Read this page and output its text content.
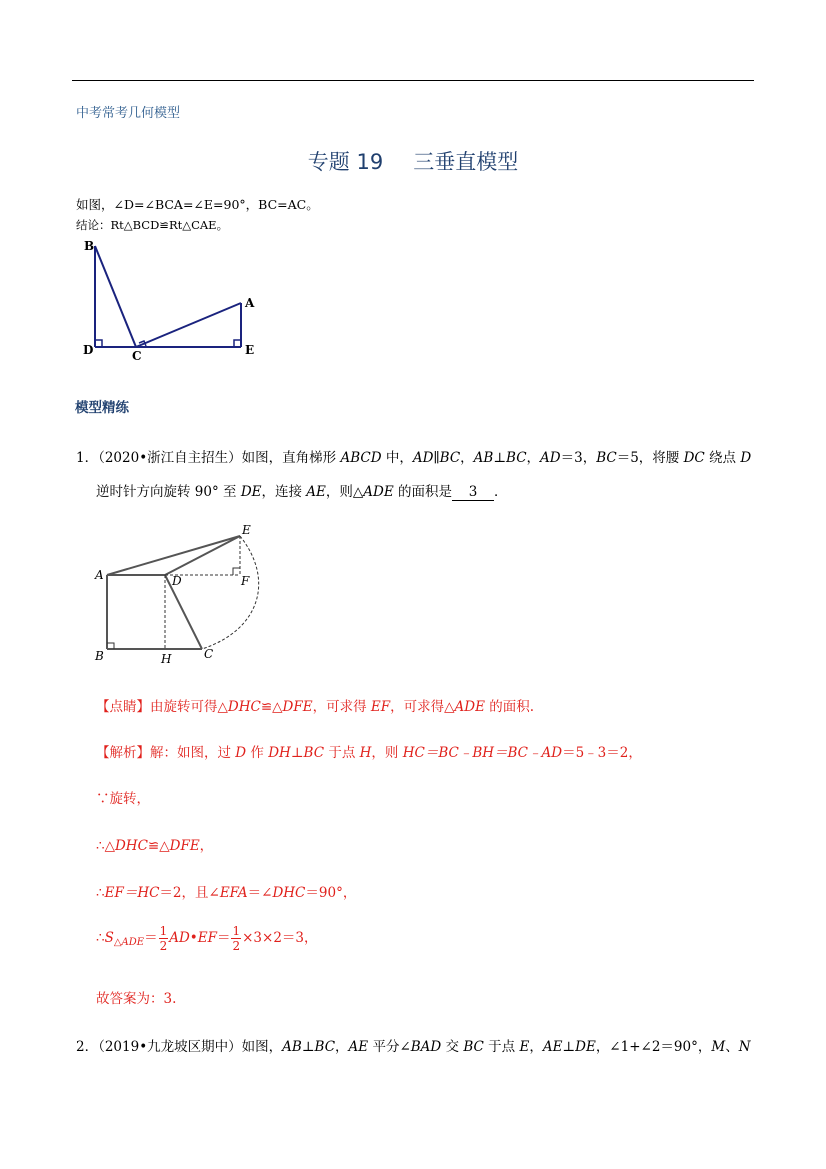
中考常考几何模型
专题 19 三垂直模型
如图，∠D=∠BCA=∠E=90°，BC=AC。
结论：Rt△BCD≌Rt△CAE。
B
A
D	C	E
模型精练
1．（2020•浙江自主招生）如图，直角梯形 ABCD 中，AD∥BC，AB⊥BC，AD＝3，BC＝5，将腰 DC 绕点 D
逆时针方向旋转 90° 至 DE，连接 AE，则△ADE 的面积是 3 ．
E
A	D	F
B	H	C
【点睛】由旋转可得△DHC≌△DFE，可求得 EF，可求得△ADE 的面积.
【解析】解：如图，过 D 作 DH⊥BC 于点 H，则 HC＝BC﹣BH＝BC﹣AD＝5﹣3＝2，
∵旋转，
∴△DHC≌△DFE，
∴EF＝HC＝2，且∠EFA＝∠DHC＝90°，
$\therefore S_{\triangle ADE}= \frac{1}{2}$ AD•EF＝ $\frac{1}{2} \times 3\times 2=3$，
故答案为：3.
2．（2019•九龙坡区期中）如图，AB⊥BC，AE 平分∠BAD 交 BC 于点 E，AE⊥DE，∠1+∠2＝90°，M、N
